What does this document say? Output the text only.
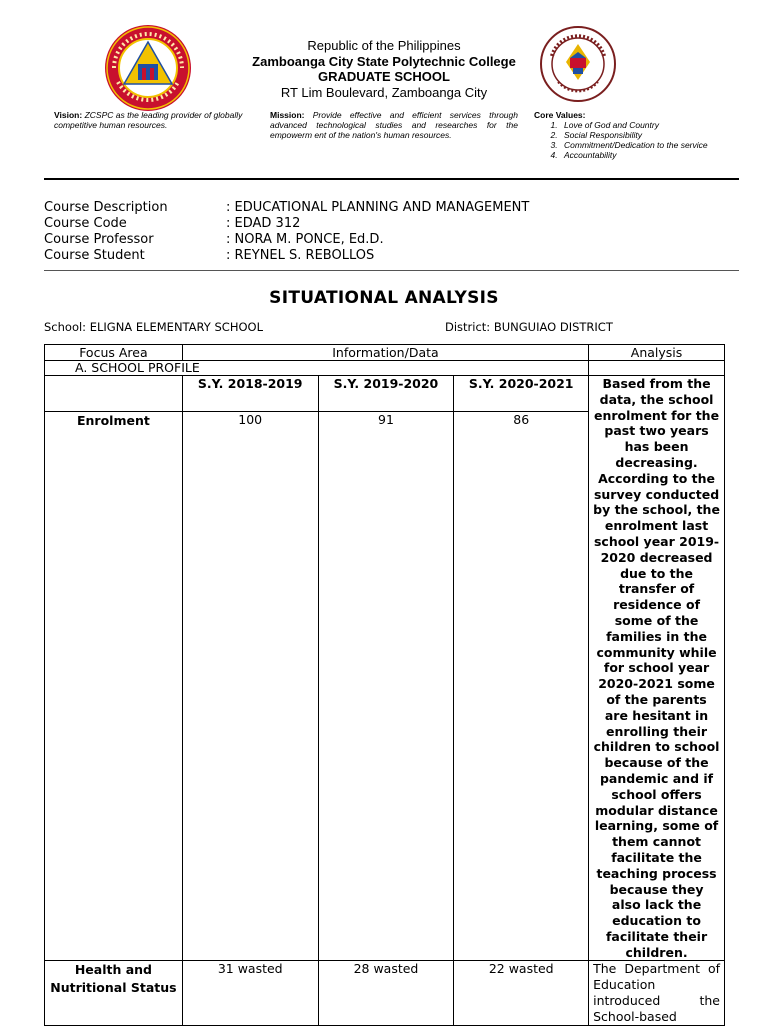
Republic of the Philippines
Zamboanga City State Polytechnic College
GRADUATE SCHOOL
RT Lim Boulevard, Zamboanga City
Vision: ZCSPC as the leading provider of globally competitive human resources.
Mission: Provide effective and efficient services through advanced technological studies and researches for the empowerm ent of the nation's human resources.
Core Values:
1. Love of God and Country
2. Social Responsibility
3. Commitment/Dedication to the service
4. Accountability
Course Description	: EDUCATIONAL PLANNING AND MANAGEMENT
Course Code	: EDAD 312
Course Professor	: NORA M. PONCE, Ed.D.
Course Student	: REYNEL S. REBOLLOS
SITUATIONAL ANALYSIS
School: ELIGNA ELEMENTARY SCHOOL	District: BUNGUIAO DISTRICT
Focus Area	Information/Data			Analysis
A. SCHOOL PROFILE				
	S.Y. 2018-2019	S.Y. 2019-2020	S.Y. 2020-2021	Based from the data, the school enrolment for the past two years has been decreasing. According to the survey conducted by the school, the enrolment last school year 2019-2020 decreased due to the transfer of residence of some of the families in the community while for school year 2020-2021 some of the parents are hesitant in enrolling their children to school because of the pandemic and if school offers modular distance learning, some of them cannot facilitate the teaching process because they also lack the education to facilitate their children.
Enrolment	100	91	86	
Health and Nutritional Status	31 wasted	28 wasted	22 wasted	The Department of Education introduced the School-based
